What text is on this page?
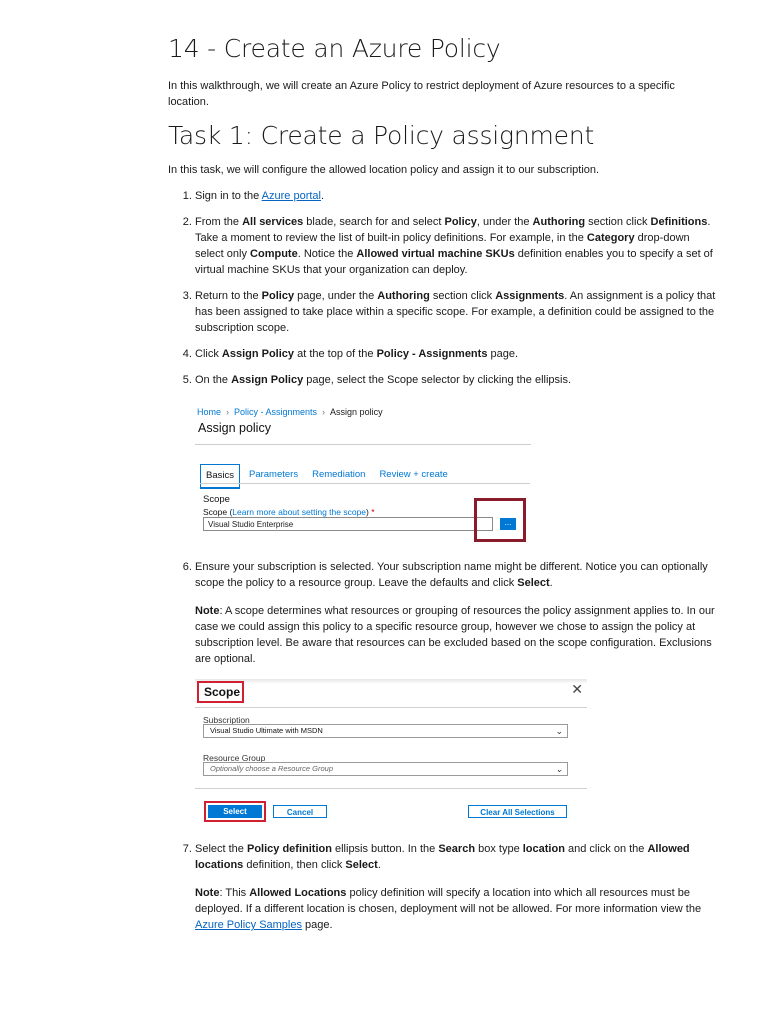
14 - Create an Azure Policy

In this walkthrough, we will create an Azure Policy to restrict deployment of Azure resources to a specific location.

Task 1: Create a Policy assignment

In this task, we will configure the allowed location policy and assign it to our subscription.

1. Sign in to the Azure portal.
2. From the All services blade, search for and select Policy, under the Authoring section click Definitions. Take a moment to review the list of built-in policy definitions. For example, in the Category drop-down select only Compute. Notice the Allowed virtual machine SKUs definition enables you to specify a set of virtual machine SKUs that your organization can deploy.
3. Return to the Policy page, under the Authoring section click Assignments. An assignment is a policy that has been assigned to take place within a specific scope. For example, a definition could be assigned to the subscription scope.
4. Click Assign Policy at the top of the Policy - Assignments page.
5. On the Assign Policy page, select the Scope selector by clicking the ellipsis.
Home › Policy - Assignments › Assign policy
Assign policy
Basics	Parameters	Remediation	Review + create
Scope
Scope (Learn more about setting the scope) *
Visual Studio Enterprise	...
6. Ensure your subscription is selected. Your subscription name might be different. Notice you can optionally scope the policy to a resource group. Leave the defaults and click Select.

Note: A scope determines what resources or grouping of resources the policy assignment applies to. In our case we could assign this policy to a specific resource group, however we chose to assign the policy at subscription level. Be aware that resources can be excluded based on the scope configuration. Exclusions are optional.

Scope	✕
Subscription
Visual Studio Ultimate with MSDN	⌄
Resource Group
Optionally choose a Resource Group	⌄
Select	Cancel	Clear All Selections
7. Select the Policy definition ellipsis button. In the Search box type location and click on the Allowed locations definition, then click Select.

Note: This Allowed Locations policy definition will specify a location into which all resources must be deployed. If a different location is chosen, deployment will not be allowed. For more information view the Azure Policy Samples page.
